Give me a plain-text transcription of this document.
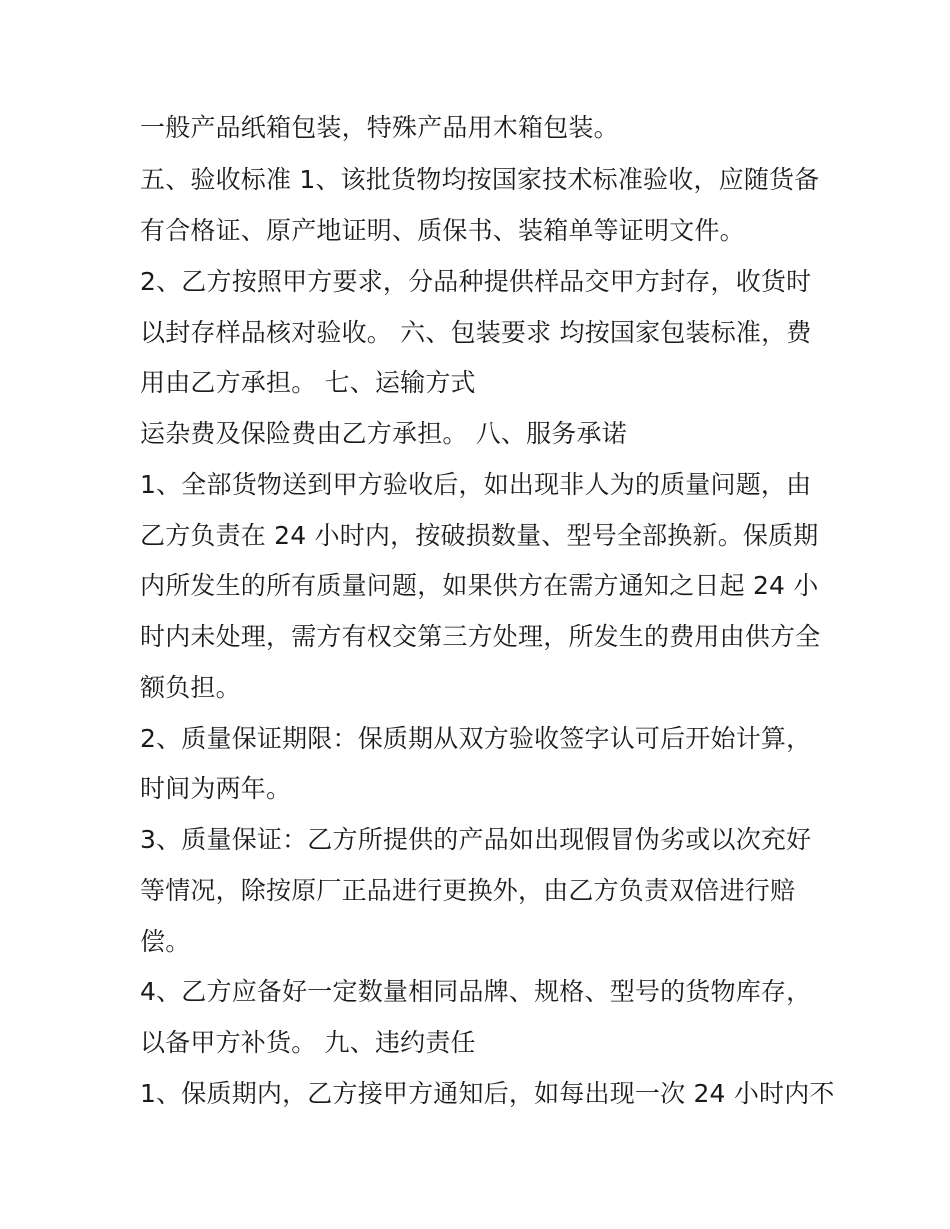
一般产品纸箱包装，特殊产品用木箱包装。
五、验收标准 1、该批货物均按国家技术标准验收，应随货备
有合格证、原产地证明、质保书、装箱单等证明文件。
2、乙方按照甲方要求，分品种提供样品交甲方封存，收货时
以封存样品核对验收。 六、包装要求 均按国家包装标准，费
用由乙方承担。 七、运输方式
运杂费及保险费由乙方承担。 八、服务承诺
1、全部货物送到甲方验收后，如出现非人为的质量问题，由
乙方负责在 24 小时内，按破损数量、型号全部换新。保质期
内所发生的所有质量问题，如果供方在需方通知之日起 24 小
时内未处理，需方有权交第三方处理，所发生的费用由供方全
额负担。
2、质量保证期限：保质期从双方验收签字认可后开始计算，
时间为两年。
3、质量保证：乙方所提供的产品如出现假冒伪劣或以次充好
等情况，除按原厂正品进行更换外，由乙方负责双倍进行赔
偿。
4、乙方应备好一定数量相同品牌、规格、型号的货物库存，
以备甲方补货。 九、违约责任
1、保质期内，乙方接甲方通知后，如每出现一次 24 小时内不
